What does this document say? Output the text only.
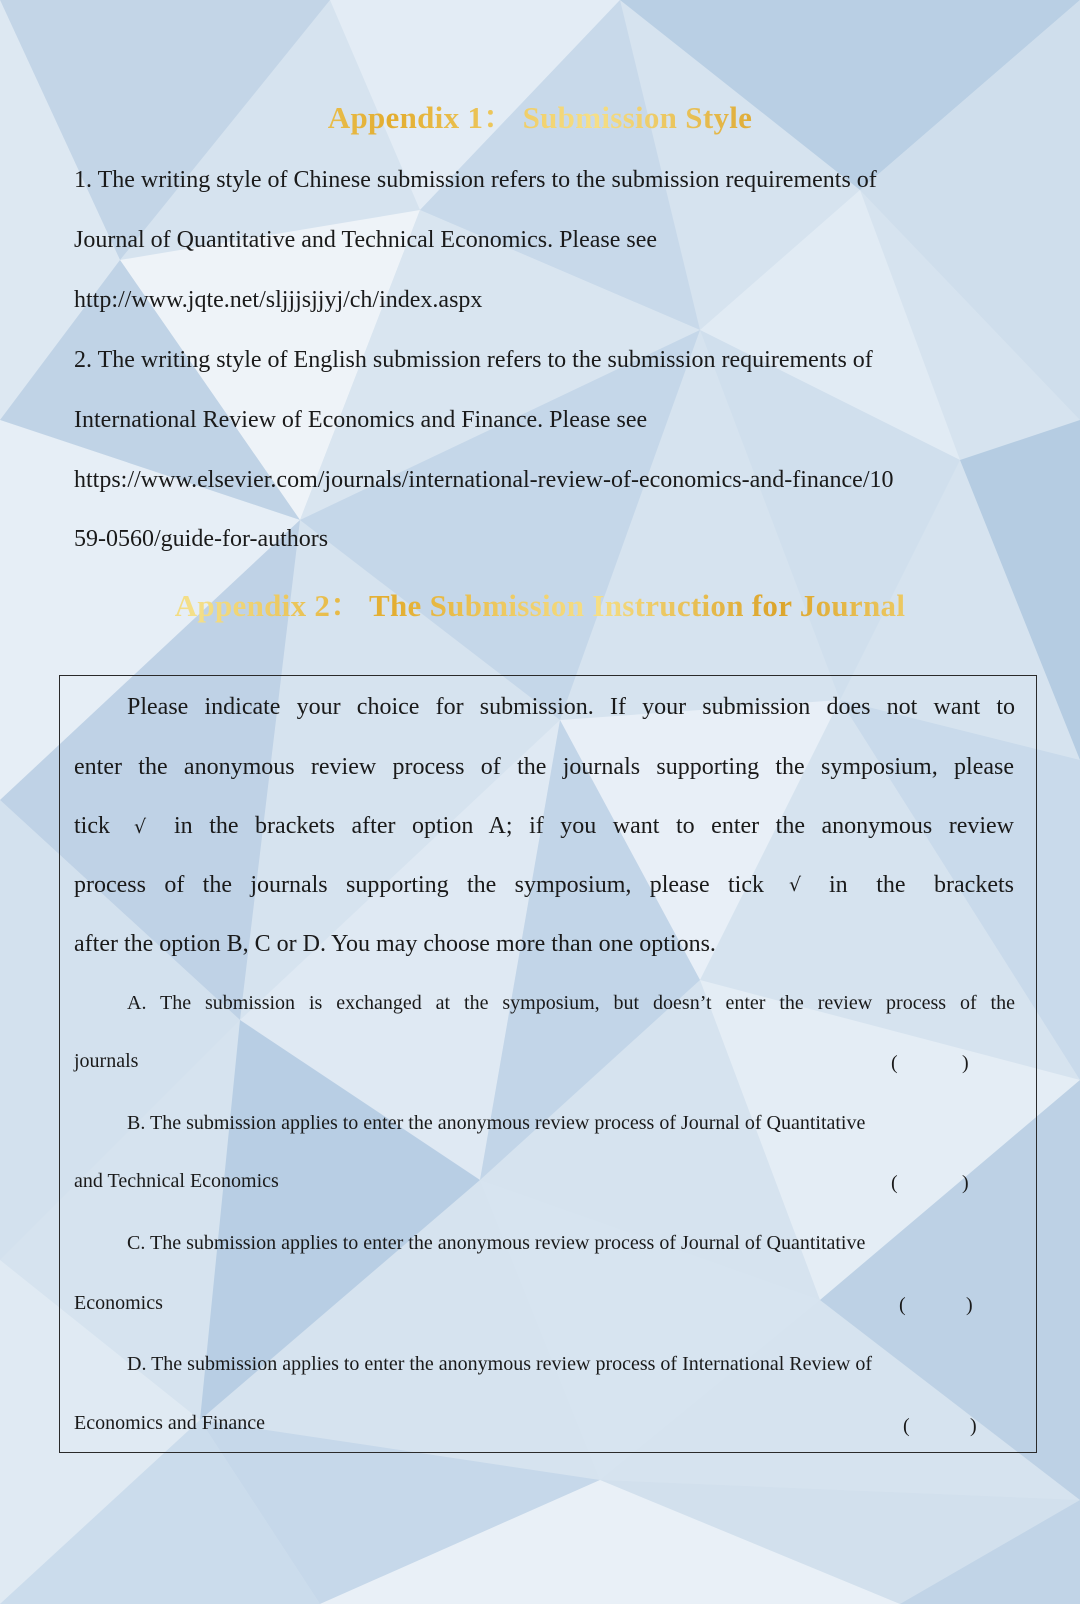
Appendix 1： Submission Style
1. The writing style of Chinese submission refers to the submission requirements of
Journal of Quantitative and Technical Economics. Please see
http://www.jqte.net/sljjjsjjyj/ch/index.aspx
2. The writing style of English submission refers to the submission requirements of
International Review of Economics and Finance. Please see
https://www.elsevier.com/journals/international-review-of-economics-and-finance/10
59-0560/guide-for-authors
Appendix 2： The Submission Instruction for Journal
Please indicate your choice for submission. If your submission does not want to
enter the anonymous review process of the journals supporting the symposium, please
tick √ in the brackets after option A; if you want to enter the anonymous review
process of the journals supporting the symposium, please tick √ in the brackets
after the option B, C or D. You may choose more than one options.
A. The submission is exchanged at the symposium, but doesn’t enter the review process of the
journals	(	)
B. The submission applies to enter the anonymous review process of Journal of Quantitative
and Technical Economics	(	)
C. The submission applies to enter the anonymous review process of Journal of Quantitative
Economics	(	)
D. The submission applies to enter the anonymous review process of International Review of
Economics and Finance	(	)
